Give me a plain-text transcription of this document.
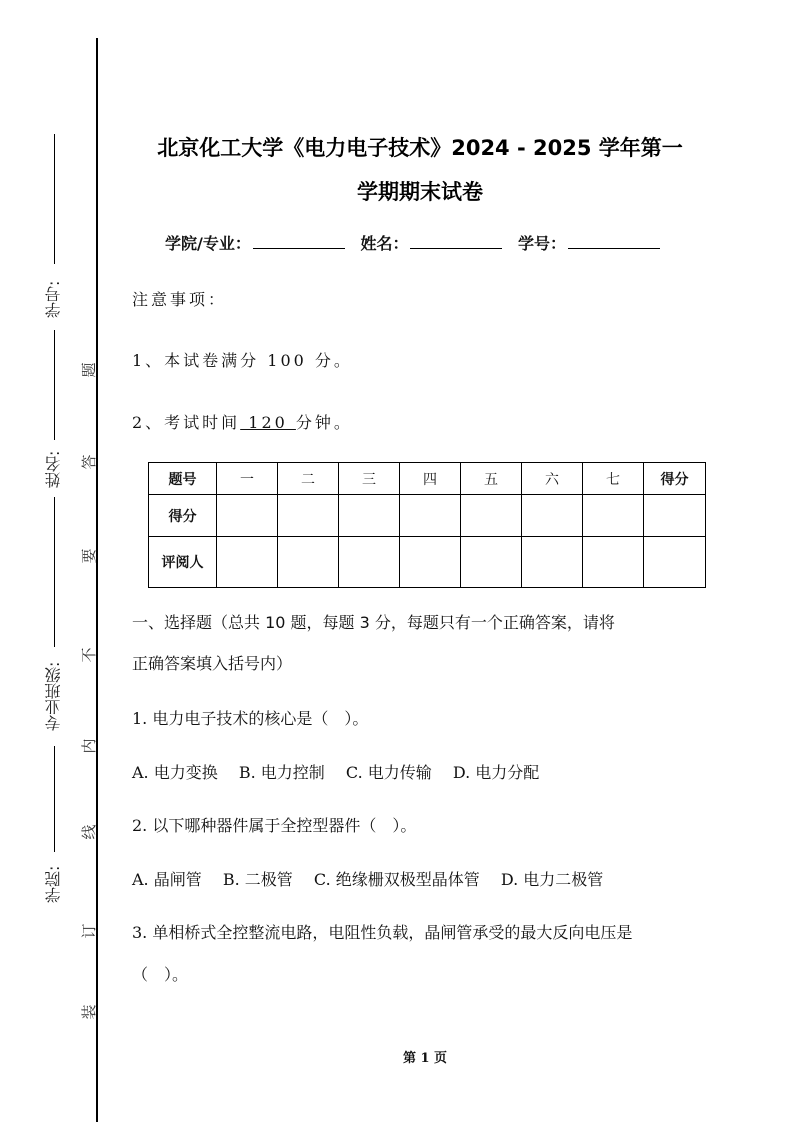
学号:
姓名:
专业班级:
学院:
题
答
要
不
内
线
订
装
北京化工大学《电力电子技术》2024 - 2025 学年第一
学期期末试卷
学院/专业：	姓名：	学号：
注意事项：
1、本试卷满分 100 分。
2、考试时间 120 分钟。
题号	一	二	三	四	五	六	七	得分
得分								
评阅人								
一、选择题（总共 10 题，每题 3 分，每题只有一个正确答案，请将
正确答案填入括号内）
1. 电力电子技术的核心是（　）。
A. 电力变换 B. 电力控制 C. 电力传输 D. 电力分配
2. 以下哪种器件属于全控型器件（　）。
A. 晶闸管 B. 二极管 C. 绝缘栅双极型晶体管 D. 电力二极管
3. 单相桥式全控整流电路，电阻性负载，晶闸管承受的最大反向电压是
（　）。
第 1 页
